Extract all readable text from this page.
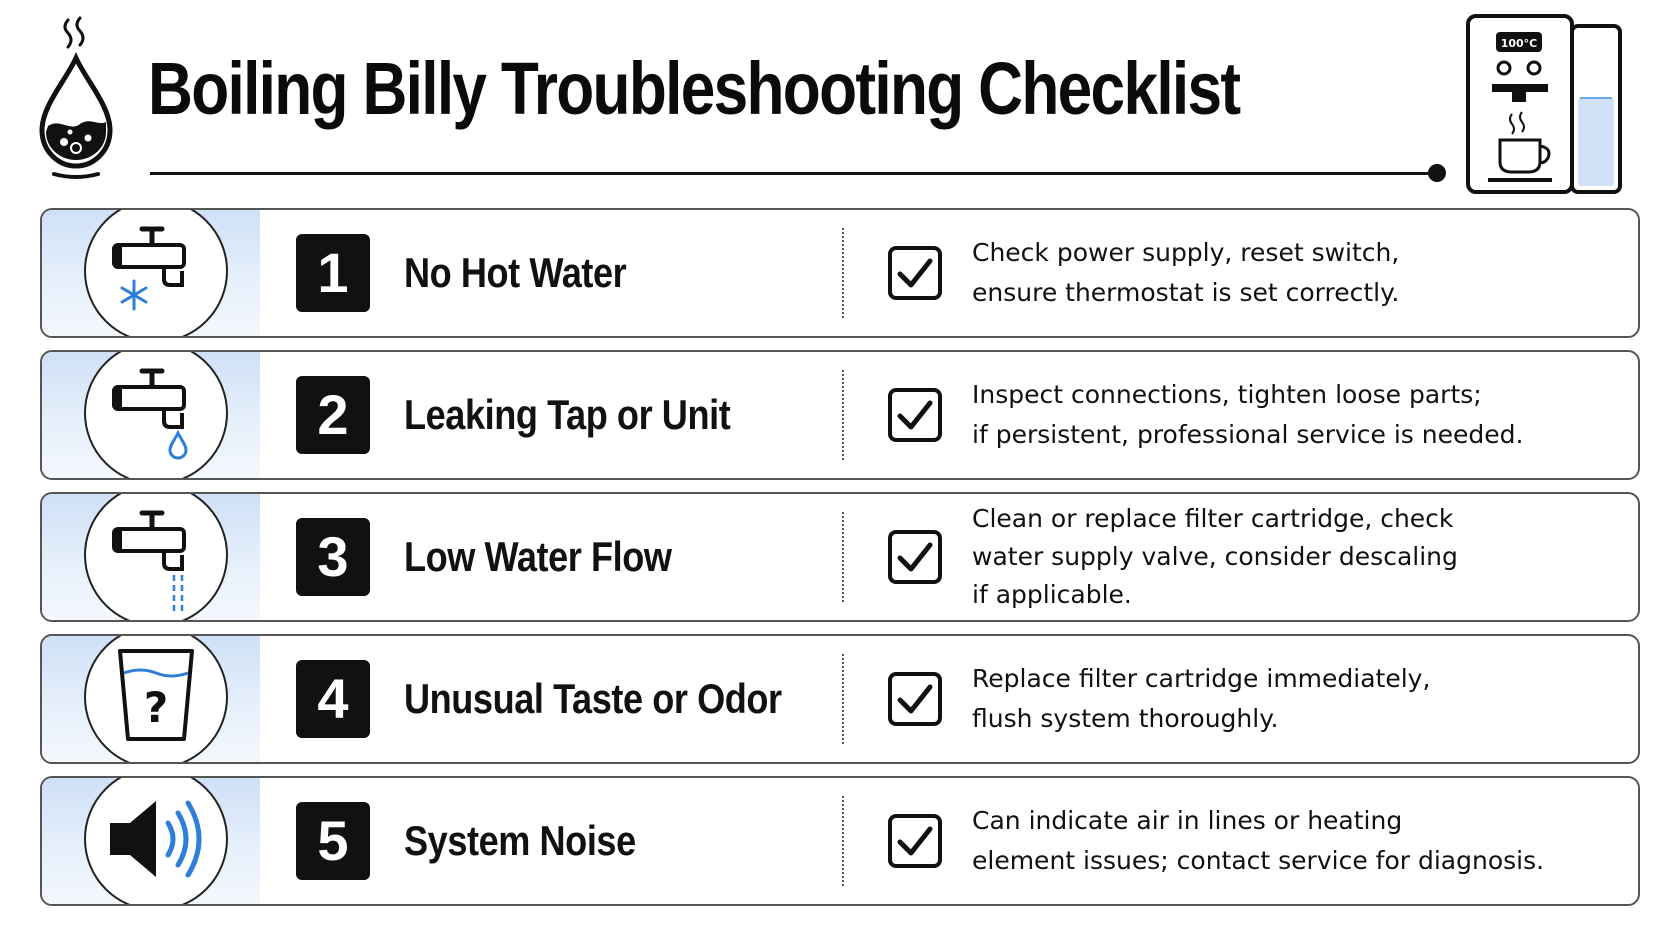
Boiling Billy Troubleshooting Checklist
100°C
1	No Hot Water	Check power supply, reset switch,
ensure thermostat is set correctly.
2	Leaking Tap or Unit	Inspect connections, tighten loose parts;
if persistent, professional service is needed.
3	Low Water Flow
Clean or replace filter cartridge, check
water supply valve, consider descaling
if applicable.
?	4	Unusual Taste or Odor	Replace filter cartridge immediately,
flush system thoroughly.
5	System Noise	Can indicate air in lines or heating
element issues; contact service for diagnosis.
